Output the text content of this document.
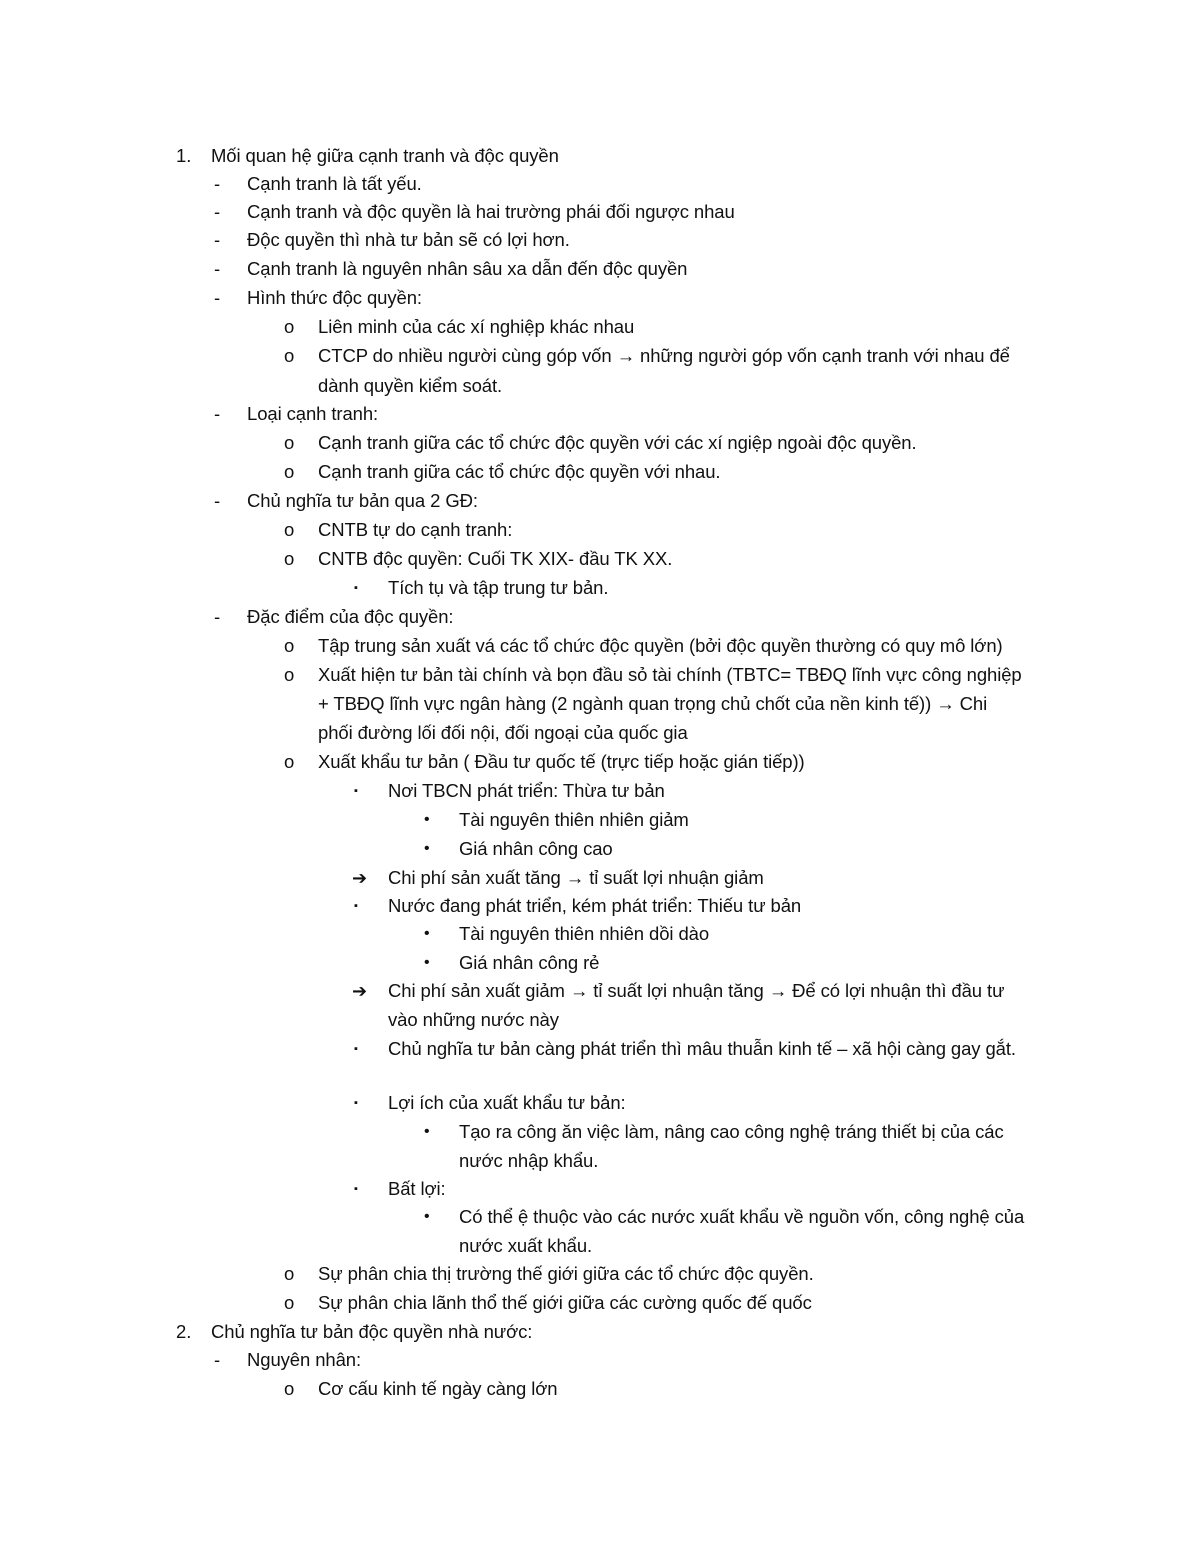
1. Mối quan hệ giữa cạnh tranh và độc quyền
- Cạnh tranh là tất yếu.
- Cạnh tranh và độc quyền là hai trường phái đối ngược nhau
- Độc quyền thì nhà tư bản sẽ có lợi hơn.
- Cạnh tranh là nguyên nhân sâu xa dẫn đến độc quyền
- Hình thức độc quyền:
o Liên minh của các xí nghiệp khác nhau
o CTCP do nhiều người cùng góp vốn → những người góp vốn cạnh tranh với nhau để
dành quyền kiểm soát.
- Loại cạnh tranh:
o Cạnh tranh giữa các tổ chức độc quyền với các xí ngiệp ngoài độc quyền.
o Cạnh tranh giữa các tổ chức độc quyền với nhau.
- Chủ nghĩa tư bản qua 2 GĐ:
o CNTB tự do cạnh tranh:
o CNTB độc quyền: Cuối TK XIX- đầu TK XX.
▪ Tích tụ và tập trung tư bản.
- Đặc điểm của độc quyền:
o Tập trung sản xuất vá các tổ chức độc quyền (bởi độc quyền thường có quy mô lớn)
o Xuất hiện tư bản tài chính và bọn đầu sỏ tài chính (TBTC= TBĐQ lĩnh vực công nghiệp
+ TBĐQ lĩnh vực ngân hàng (2 ngành quan trọng chủ chốt của nền kinh tế)) → Chi
phối đường lối đối nội, đối ngoại của quốc gia
o Xuất khẩu tư bản ( Đầu tư quốc tế (trực tiếp hoặc gián tiếp))
▪ Nơi TBCN phát triển: Thừa tư bản
• Tài nguyên thiên nhiên giảm
• Giá nhân công cao
➔ Chi phí sản xuất tăng → tỉ suất lợi nhuận giảm
▪ Nước đang phát triển, kém phát triển: Thiếu tư bản
• Tài nguyên thiên nhiên dồi dào
• Giá nhân công rẻ
➔ Chi phí sản xuất giảm → tỉ suất lợi nhuận tăng → Để có lợi nhuận thì đầu tư
vào những nước này
▪ Chủ nghĩa tư bản càng phát triển thì mâu thuẫn kinh tế – xã hội càng gay gắt.
▪ Lợi ích của xuất khẩu tư bản:
• Tạo ra công ăn việc làm, nâng cao công nghệ tráng thiết bị của các
nước nhập khẩu.
▪ Bất lợi:
• Có thể ệ thuộc vào các nước xuất khẩu về nguồn vốn, công nghệ của
nước xuất khẩu.
o Sự phân chia thị trường thế giới giữa các tổ chức độc quyền.
o Sự phân chia lãnh thổ thế giới giữa các cường quốc đế quốc
2. Chủ nghĩa tư bản độc quyền nhà nước:
- Nguyên nhân:
o Cơ cấu kinh tế ngày càng lớn
